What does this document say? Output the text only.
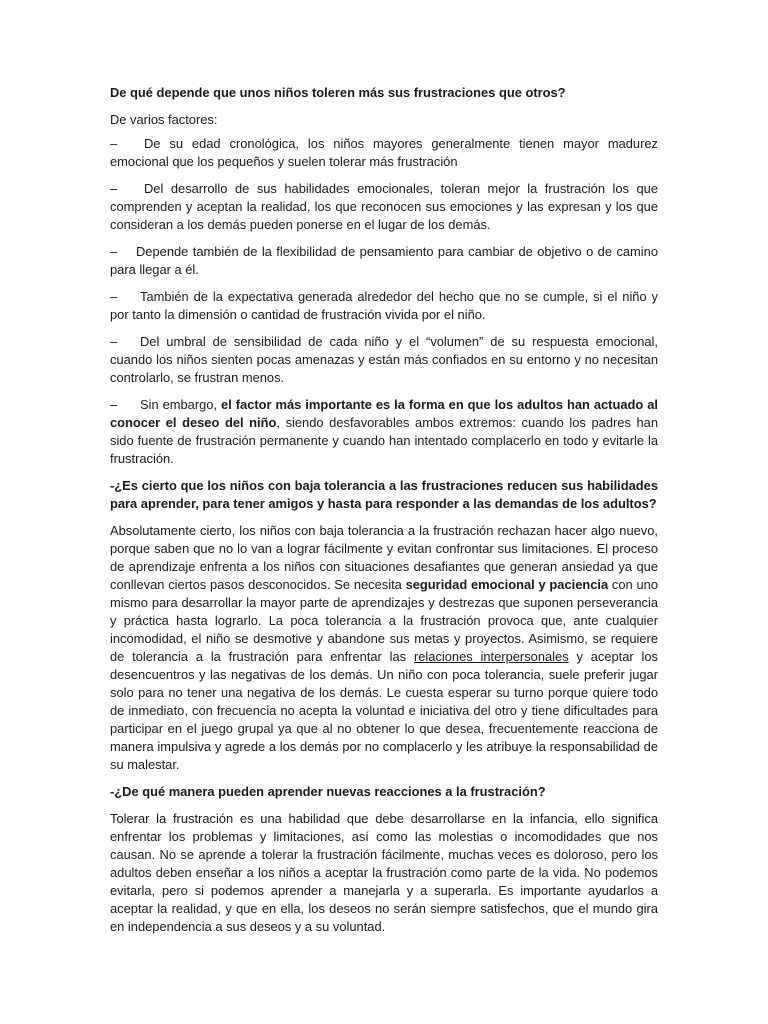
De qué depende que unos niños toleren más sus frustraciones que otros?

De varios factores:

– De su edad cronológica, los niños mayores generalmente tienen mayor madurez emocional que los pequeños y suelen tolerar más frustración

– Del desarrollo de sus habilidades emocionales, toleran mejor la frustración los que comprenden y aceptan la realidad, los que reconocen sus emociones y las expresan y los que consideran a los demás pueden ponerse en el lugar de los demás.

– Depende también de la flexibilidad de pensamiento para cambiar de objetivo o de camino para llegar a él.

– También de la expectativa generada alrededor del hecho que no se cumple, si el niño y por tanto la dimensión o cantidad de frustración vivida por el niño.

– Del umbral de sensibilidad de cada niño y el “volumen” de su respuesta emocional, cuando los niños sienten pocas amenazas y están más confiados en su entorno y no necesitan controlarlo, se frustran menos.

– Sin embargo, el factor más importante es la forma en que los adultos han actuado al conocer el deseo del niño, siendo desfavorables ambos extremos: cuando los padres han sido fuente de frustración permanente y cuando han intentado complacerlo en todo y evitarle la frustración.

-¿Es cierto que los niños con baja tolerancia a las frustraciones reducen sus habilidades para aprender, para tener amigos y hasta para responder a las demandas de los adultos?

Absolutamente cierto, los niños con baja tolerancia a la frustración rechazan hacer algo nuevo, porque saben que no lo van a lograr fácilmente y evitan confrontar sus limitaciones. El proceso de aprendizaje enfrenta a los niños con situaciones desafiantes que generan ansiedad ya que conllevan ciertos pasos desconocidos. Se necesita seguridad emocional y paciencia con uno mismo para desarrollar la mayor parte de aprendizajes y destrezas que suponen perseverancia y práctica hasta lograrlo. La poca tolerancia a la frustración provoca que, ante cualquier incomodidad, el niño se desmotive y abandone sus metas y proyectos. Asimismo, se requiere de tolerancia a la frustración para enfrentar las relaciones interpersonales y aceptar los desencuentros y las negativas de los demás. Un niño con poca tolerancia, suele preferir jugar solo para no tener una negativa de los demás. Le cuesta esperar su turno porque quiere todo de inmediato, con frecuencia no acepta la voluntad e iniciativa del otro y tiene dificultades para participar en el juego grupal ya que al no obtener lo que desea, frecuentemente reacciona de manera impulsiva y agrede a los demás por no complacerlo y les atribuye la responsabilidad de su malestar.

-¿De qué manera pueden aprender nuevas reacciones a la frustración?

Tolerar la frustración es una habilidad que debe desarrollarse en la infancia, ello significa enfrentar los problemas y limitaciones, así como las molestias o incomodidades que nos causan. No se aprende a tolerar la frustración fácilmente, muchas veces es doloroso, pero los adultos deben enseñar a los niños a aceptar la frustración como parte de la vida. No podemos evitarla, pero si podemos aprender a manejarla y a superarla. Es importante ayudarlos a aceptar la realidad, y que en ella, los deseos no serán siempre satisfechos, que el mundo gira en independencia a sus deseos y a su voluntad.
